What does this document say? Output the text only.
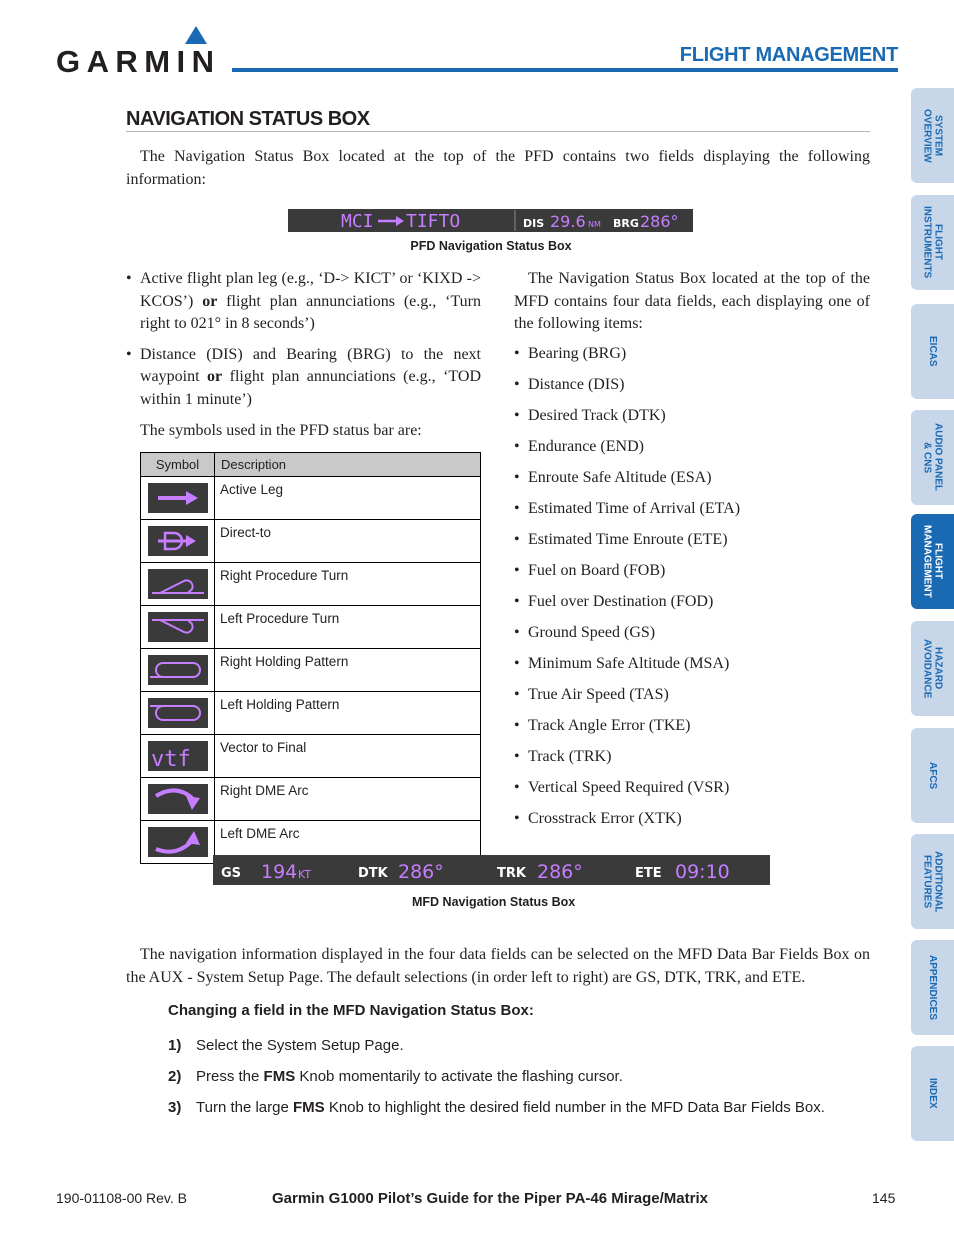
GARMIN	FLIGHT MANAGEMENT
SYSTEM
OVERVIEW
FLIGHT
INSTRUMENTS
EICAS
AUDIO PANEL
& CNS
FLIGHT
MANAGEMENT
HAZARD
AVOIDANCE
AFCS
ADDITIONAL
FEATURES
APPENDICES
INDEX
NAVIGATION STATUS BOX
The Navigation Status Box located at the top of the PFD contains two fields displaying the following information:
MCI TIFTO	DIS 29.6 NM BRG 286°
PFD Navigation Status Box
• Active flight plan leg (e.g., ‘D-> KICT’ or ‘KIXD -> KCOS’) or flight plan annunciations (e.g., ‘Turn right to 021° in 8 seconds’)
• Distance (DIS) and Bearing (BRG) to the next waypoint or flight plan annunciations (e.g., ‘TOD within 1 minute’)
The symbols used in the PFD status bar are:
Symbol	Description
	Active Leg
	Direct-to
	Right Procedure Turn
	Left Procedure Turn
	Right Holding Pattern
	Left Holding Pattern

vtf	Vector to Final
	Right DME Arc
	Left DME Arc
The Navigation Status Box located at the top of the MFD contains four data fields, each displaying one of the following items:
• Bearing (BRG)
• Distance (DIS)
• Desired Track (DTK)
• Endurance (END)
• Enroute Safe Altitude (ESA)
• Estimated Time of Arrival (ETA)
• Estimated Time Enroute (ETE)
• Fuel on Board (FOB)
• Fuel over Destination (FOD)
• Ground Speed (GS)
• Minimum Safe Altitude (MSA)
• True Air Speed (TAS)
• Track Angle Error (TKE)
• Track (TRK)
• Vertical Speed Required (VSR)
• Crosstrack Error (XTK)
GS 194 KT	DTK 286°	TRK 286°	ETE 09:10
MFD Navigation Status Box
The navigation information displayed in the four data fields can be selected on the MFD Data Bar Fields Box on the AUX - System Setup Page. The default selections (in order left to right) are GS, DTK, TRK, and ETE.
Changing a field in the MFD Navigation Status Box:
1) Select the System Setup Page.
2) Press the FMS Knob momentarily to activate the flashing cursor.
3) Turn the large FMS Knob to highlight the desired field number in the MFD Data Bar Fields Box.
190-01108-00 Rev. B	Garmin G1000 Pilot’s Guide for the Piper PA-46 Mirage/Matrix	145
